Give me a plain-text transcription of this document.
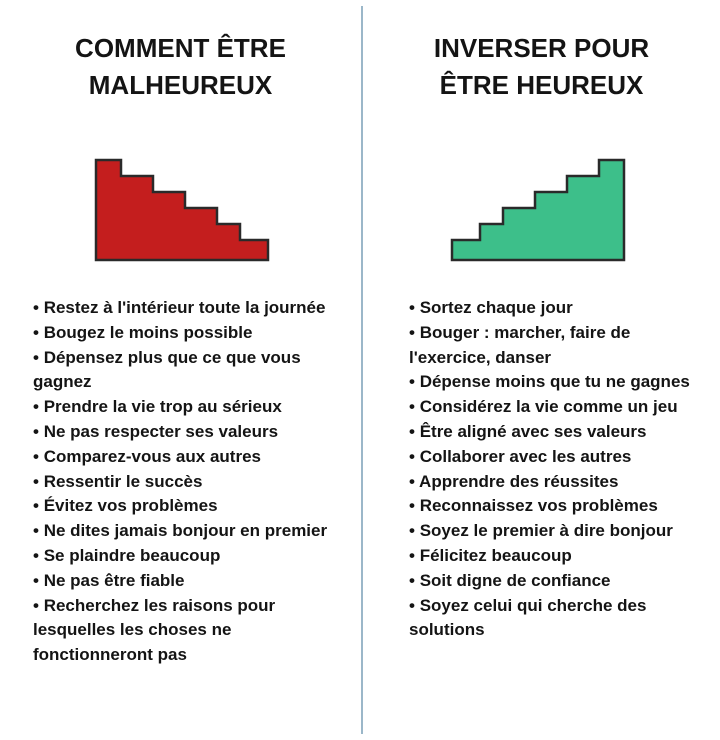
COMMENT ÊTRE
MALHEUREUX
• Restez à l'intérieur toute la journée
• Bougez le moins possible
• Dépensez plus que ce que vous gagnez
• Prendre la vie trop au sérieux
• Ne pas respecter ses valeurs
• Comparez-vous aux autres
• Ressentir le succès
• Évitez vos problèmes
• Ne dites jamais bonjour en premier
• Se plaindre beaucoup
• Ne pas être fiable
• Recherchez les raisons pour lesquelles les choses ne fonctionneront pas
INVERSER POUR
ÊTRE HEUREUX
• Sortez chaque jour
• Bouger : marcher, faire de l'exercice, danser
• Dépense moins que tu ne gagnes
• Considérez la vie comme un jeu
• Être aligné avec ses valeurs
• Collaborer avec les autres
• Apprendre des réussites
• Reconnaissez vos problèmes
• Soyez le premier à dire bonjour
• Félicitez beaucoup
• Soit digne de confiance
• Soyez celui qui cherche des solutions
